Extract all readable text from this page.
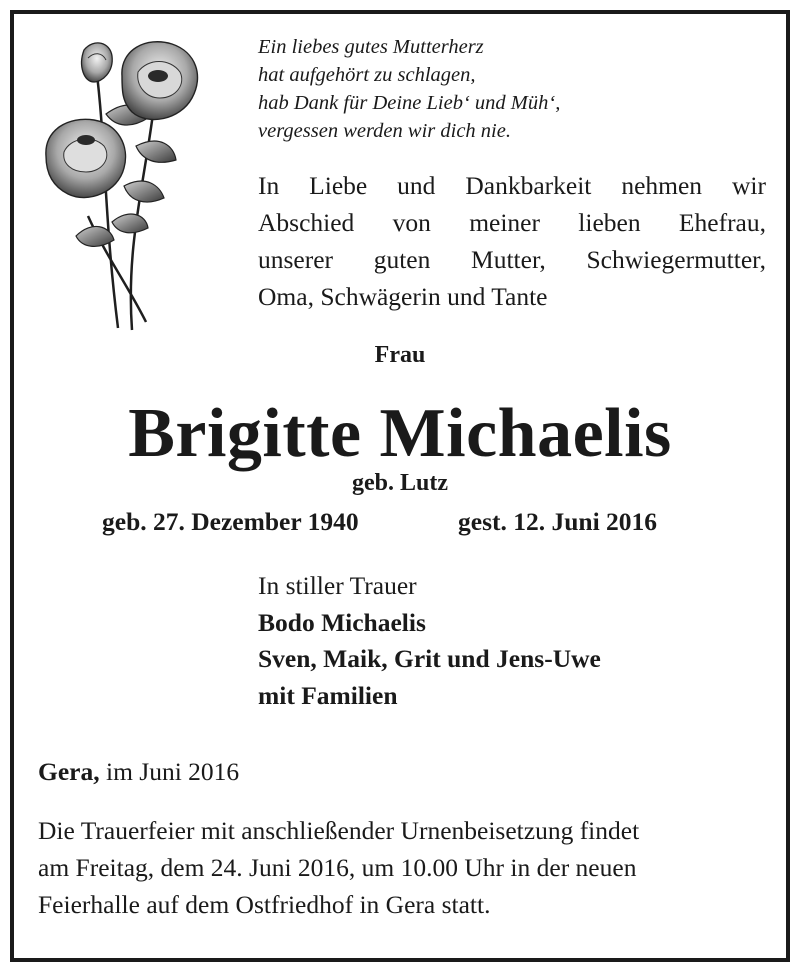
Ein liebes gutes Mutterherz
hat aufgehört zu schlagen,
hab Dank für Deine Lieb‘ und Müh‘,
vergessen werden wir dich nie.
In Liebe und Dankbarkeit nehmen wir
Abschied von meiner lieben Ehefrau,
unserer guten Mutter, Schwiegermutter,
Oma, Schwägerin und Tante
Frau
Brigitte Michaelis
geb. Lutz
geb. 27. Dezember 1940	gest. 12. Juni 2016
In stiller Trauer
Bodo Michaelis
Sven, Maik, Grit und Jens-Uwe
mit Familien
Gera, im Juni 2016
Die Trauerfeier mit anschließender Urnenbeisetzung findet
am Freitag, dem 24. Juni 2016, um 10.00 Uhr in der neuen
Feierhalle auf dem Ostfriedhof in Gera statt.
